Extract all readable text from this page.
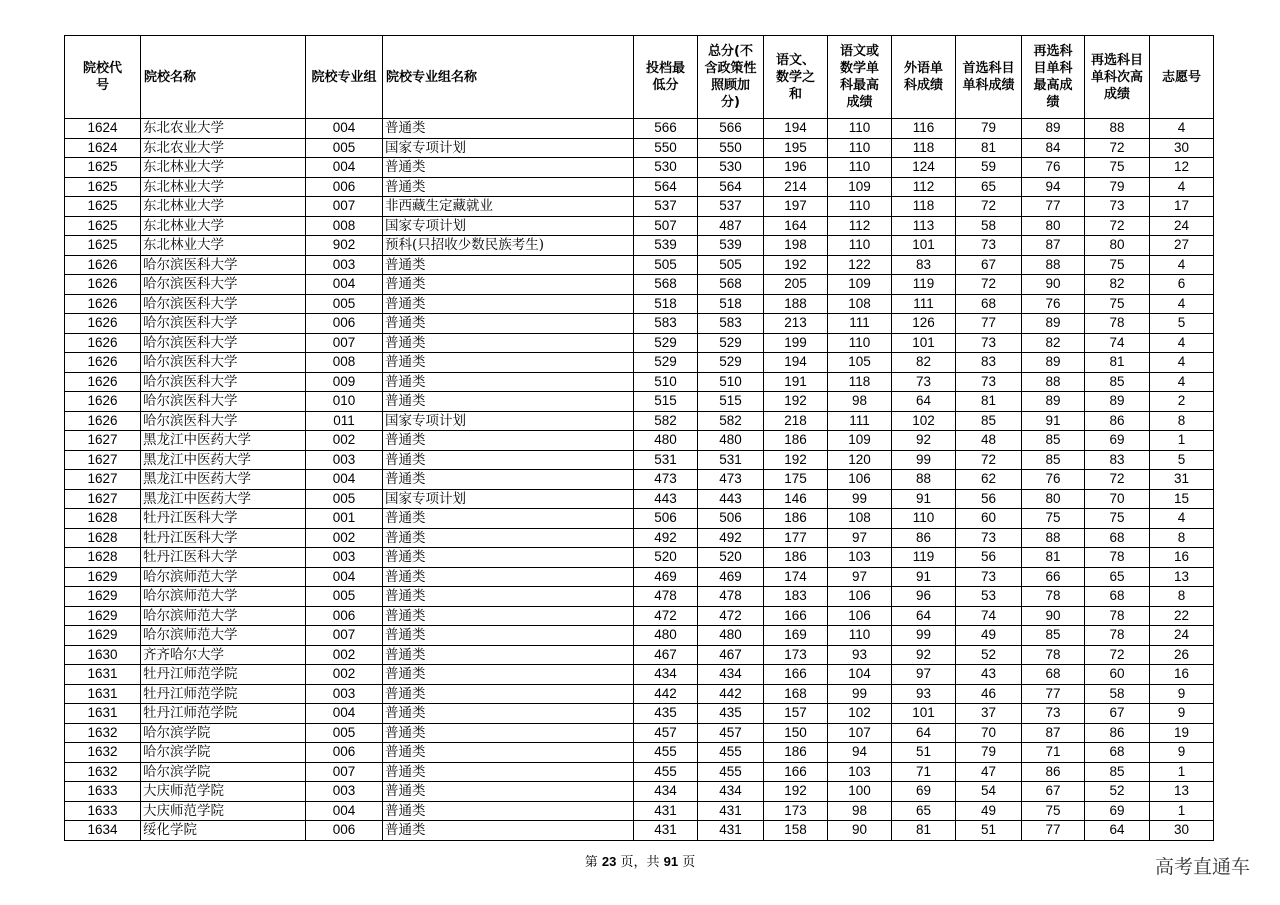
院校代号	院校名称	院校专业组	院校专业组名称	投档最低分	总分(不含政策性照顾加分)	语文、数学之和	语文或数学单科最高成绩	外语单科成绩	首选科目单科成绩	再选科目单科最高成绩	再选科目单科次高成绩	志愿号
1624	东北农业大学	004	普通类	566	566	194	110	116	79	89	88	4
1624	东北农业大学	005	国家专项计划	550	550	195	110	118	81	84	72	30
1625	东北林业大学	004	普通类	530	530	196	110	124	59	76	75	12
1625	东北林业大学	006	普通类	564	564	214	109	112	65	94	79	4
1625	东北林业大学	007	非西藏生定藏就业	537	537	197	110	118	72	77	73	17
1625	东北林业大学	008	国家专项计划	507	487	164	112	113	58	80	72	24
1625	东北林业大学	902	预科(只招收少数民族考生)	539	539	198	110	101	73	87	80	27
1626	哈尔滨医科大学	003	普通类	505	505	192	122	83	67	88	75	4
1626	哈尔滨医科大学	004	普通类	568	568	205	109	119	72	90	82	6
1626	哈尔滨医科大学	005	普通类	518	518	188	108	111	68	76	75	4
1626	哈尔滨医科大学	006	普通类	583	583	213	111	126	77	89	78	5
1626	哈尔滨医科大学	007	普通类	529	529	199	110	101	73	82	74	4
1626	哈尔滨医科大学	008	普通类	529	529	194	105	82	83	89	81	4
1626	哈尔滨医科大学	009	普通类	510	510	191	118	73	73	88	85	4
1626	哈尔滨医科大学	010	普通类	515	515	192	98	64	81	89	89	2
1626	哈尔滨医科大学	011	国家专项计划	582	582	218	111	102	85	91	86	8
1627	黑龙江中医药大学	002	普通类	480	480	186	109	92	48	85	69	1
1627	黑龙江中医药大学	003	普通类	531	531	192	120	99	72	85	83	5
1627	黑龙江中医药大学	004	普通类	473	473	175	106	88	62	76	72	31
1627	黑龙江中医药大学	005	国家专项计划	443	443	146	99	91	56	80	70	15
1628	牡丹江医科大学	001	普通类	506	506	186	108	110	60	75	75	4
1628	牡丹江医科大学	002	普通类	492	492	177	97	86	73	88	68	8
1628	牡丹江医科大学	003	普通类	520	520	186	103	119	56	81	78	16
1629	哈尔滨师范大学	004	普通类	469	469	174	97	91	73	66	65	13
1629	哈尔滨师范大学	005	普通类	478	478	183	106	96	53	78	68	8
1629	哈尔滨师范大学	006	普通类	472	472	166	106	64	74	90	78	22
1629	哈尔滨师范大学	007	普通类	480	480	169	110	99	49	85	78	24
1630	齐齐哈尔大学	002	普通类	467	467	173	93	92	52	78	72	26
1631	牡丹江师范学院	002	普通类	434	434	166	104	97	43	68	60	16
1631	牡丹江师范学院	003	普通类	442	442	168	99	93	46	77	58	9
1631	牡丹江师范学院	004	普通类	435	435	157	102	101	37	73	67	9
1632	哈尔滨学院	005	普通类	457	457	150	107	64	70	87	86	19
1632	哈尔滨学院	006	普通类	455	455	186	94	51	79	71	68	9
1632	哈尔滨学院	007	普通类	455	455	166	103	71	47	86	85	1
1633	大庆师范学院	003	普通类	434	434	192	100	69	54	67	52	13
1633	大庆师范学院	004	普通类	431	431	173	98	65	49	75	69	1
1634	绥化学院	006	普通类	431	431	158	90	81	51	77	64	30
第 23 页，共 91 页	高考直通车
